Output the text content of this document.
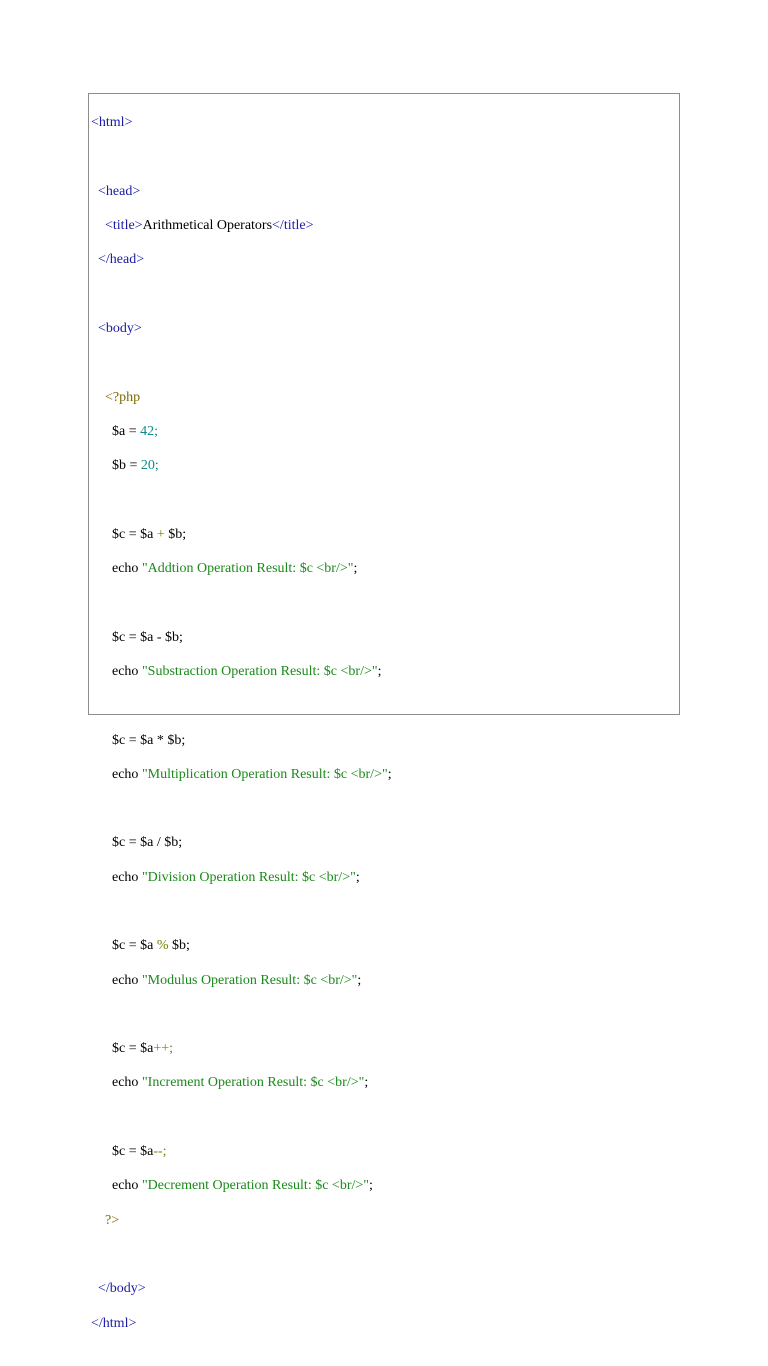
<html>

<head>

<title>Arithmetical Operators</title>

</head>

<body>

<?php

$a = 42;

$b = 20;

$c = $a + $b;

echo "Addtion Operation Result: $c <br/>";

$c = $a - $b;

echo "Substraction Operation Result: $c <br/>";

$c = $a * $b;

echo "Multiplication Operation Result: $c <br/>";

$c = $a / $b;

echo "Division Operation Result: $c <br/>";

$c = $a % $b;

echo "Modulus Operation Result: $c <br/>";

$c = $a++;

echo "Increment Operation Result: $c <br/>";

$c = $a--;

echo "Decrement Operation Result: $c <br/>";

?>

</body>

</html>
